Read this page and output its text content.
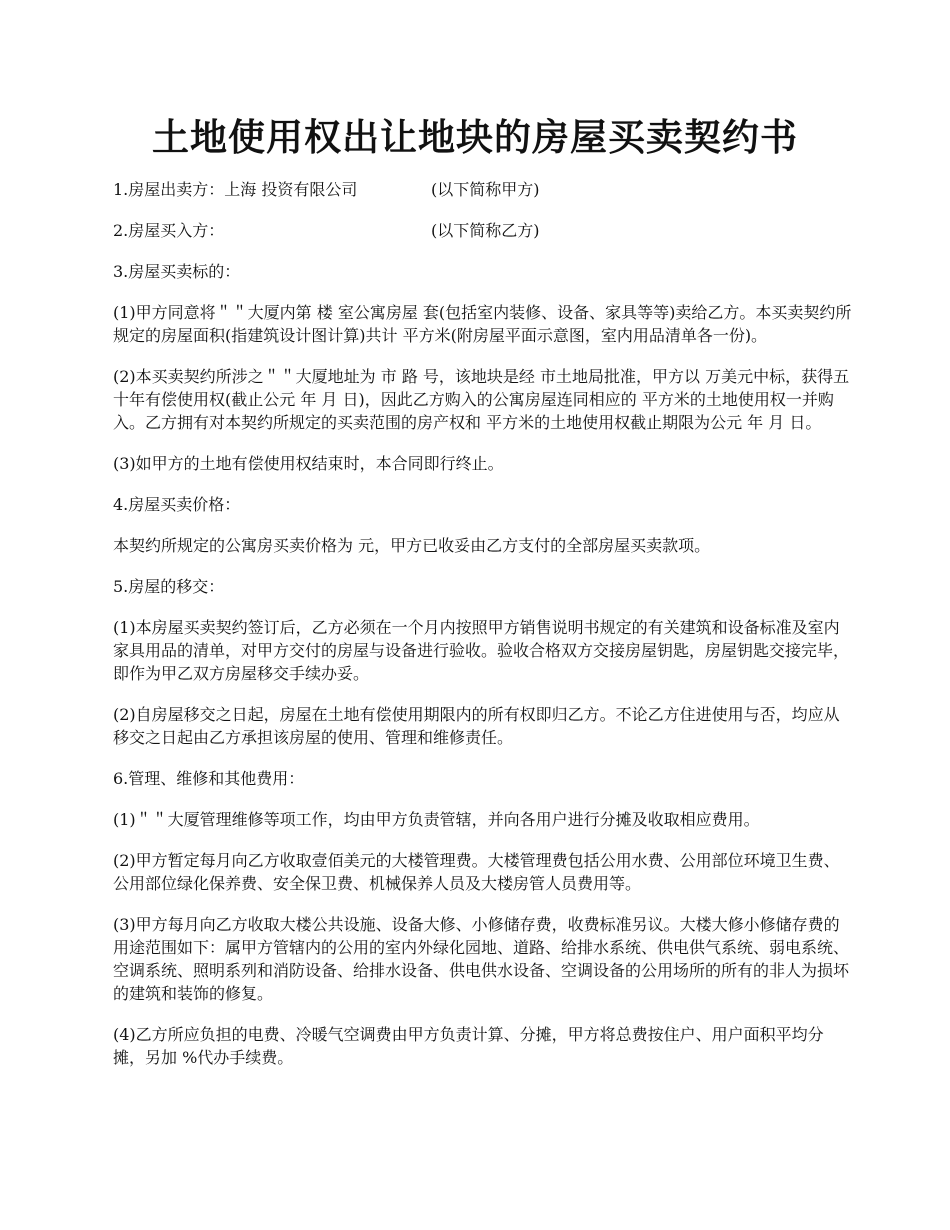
土地使用权出让地块的房屋买卖契约书
1.房屋出卖方：上海 投资有限公司	(以下简称甲方)
2.房屋买入方：	(以下简称乙方)

3.房屋买卖标的：

(1)甲方同意将＂＂大厦内第 楼 室公寓房屋 套(包括室内装修、设备、家具等等)卖给乙方。本买卖契约所规定的房屋面积(指建筑设计图计算)共计 平方米(附房屋平面示意图，室内用品清单各一份)。

(2)本买卖契约所涉之＂＂大厦地址为 市 路 号，该地块是经 市土地局批准，甲方以 万美元中标，获得五十年有偿使用权(截止公元 年 月 日)，因此乙方购入的公寓房屋连同相应的 平方米的土地使用权一并购入。乙方拥有对本契约所规定的买卖范围的房产权和 平方米的土地使用权截止期限为公元 年 月 日。

(3)如甲方的土地有偿使用权结束时，本合同即行终止。

4.房屋买卖价格：

本契约所规定的公寓房买卖价格为 元，甲方已收妥由乙方支付的全部房屋买卖款项。

5.房屋的移交：

(1)本房屋买卖契约签订后，乙方必须在一个月内按照甲方销售说明书规定的有关建筑和设备标准及室内家具用品的清单，对甲方交付的房屋与设备进行验收。验收合格双方交接房屋钥匙，房屋钥匙交接完毕，即作为甲乙双方房屋移交手续办妥。

(2)自房屋移交之日起，房屋在土地有偿使用期限内的所有权即归乙方。不论乙方住进使用与否，均应从移交之日起由乙方承担该房屋的使用、管理和维修责任。

6.管理、维修和其他费用：

(1)＂＂大厦管理维修等项工作，均由甲方负责管辖，并向各用户进行分摊及收取相应费用。

(2)甲方暂定每月向乙方收取壹佰美元的大楼管理费。大楼管理费包括公用水费、公用部位环境卫生费、公用部位绿化保养费、安全保卫费、机械保养人员及大楼房管人员费用等。

(3)甲方每月向乙方收取大楼公共设施、设备大修、小修储存费，收费标准另议。大楼大修小修储存费的用途范围如下：属甲方管辖内的公用的室内外绿化园地、道路、给排水系统、供电供气系统、弱电系统、空调系统、照明系列和消防设备、给排水设备、供电供水设备、空调设备的公用场所的所有的非人为损坏的建筑和装饰的修复。

(4)乙方所应负担的电费、冷暖气空调费由甲方负责计算、分摊，甲方将总费按住户、用户面积平均分摊，另加 %代办手续费。
